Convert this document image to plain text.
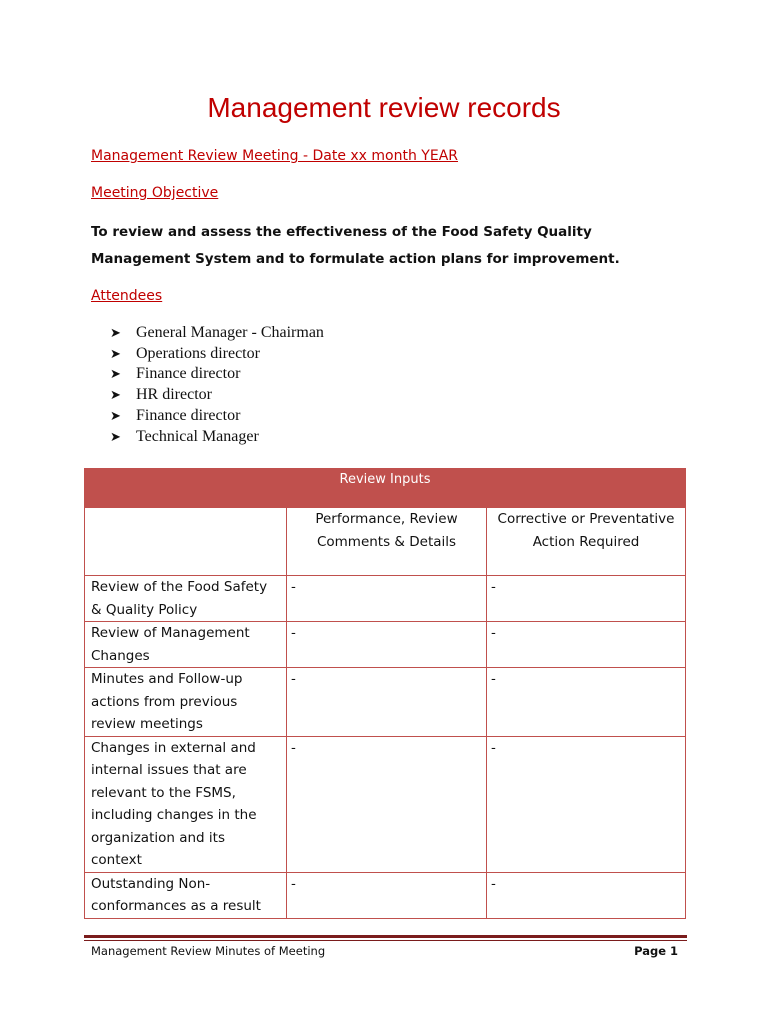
Management review records
Management Review Meeting - Date xx month YEAR
Meeting Objective
To review and assess the effectiveness of the Food Safety Quality Management System and to formulate action plans for improvement.
Attendees
➤ General Manager - Chairman
➤ Operations director
➤ Finance director
➤ HR director
➤ Finance director
➤ Technical Manager
Review Inputs		
	Performance, Review Comments & Details	Corrective or Preventative Action Required
Review of the Food Safety & Quality Policy	-	-
Review of Management Changes	-	-
Minutes and Follow-up actions from previous review meetings	-	-
Changes in external and internal issues that are relevant to the FSMS, including changes in the organization and its context	-	-
Outstanding Non-conformances as a result	-	-
Management Review Minutes of Meeting	Page 1
